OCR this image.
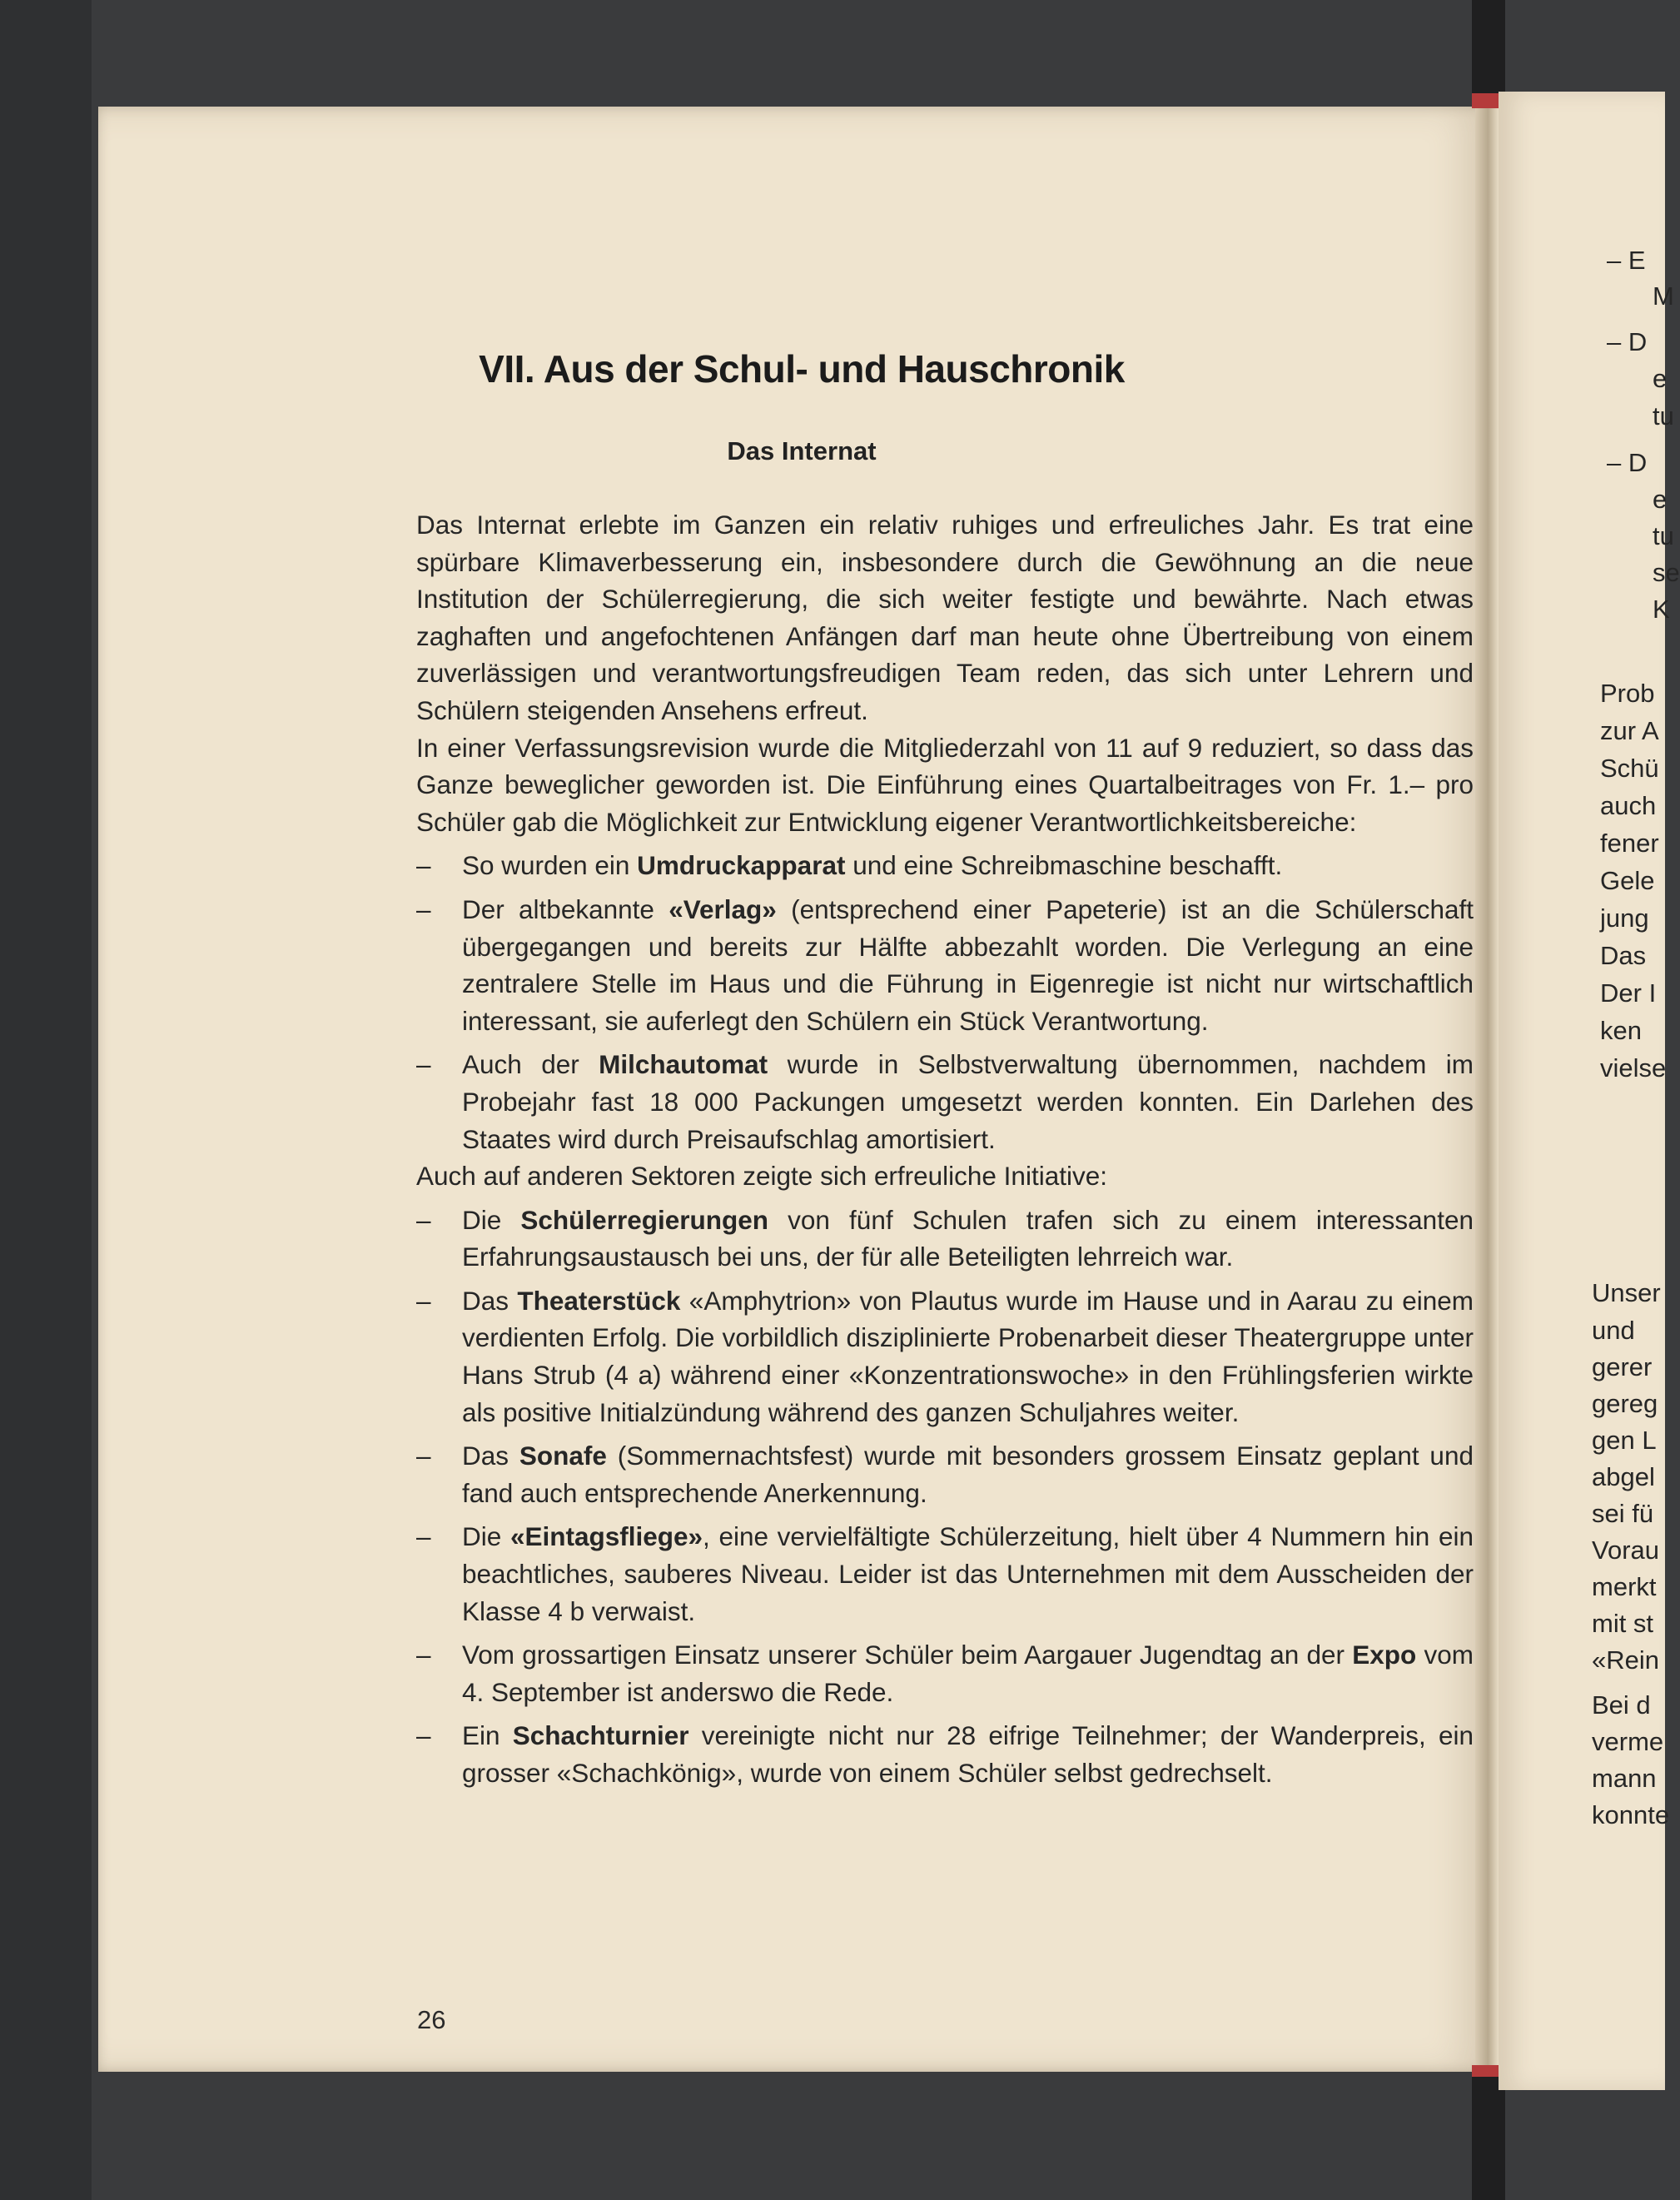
VII. Aus der Schul- und Hauschronik
Das Internat

Das Internat erlebte im Ganzen ein relativ ruhiges und erfreuliches Jahr. Es trat eine spürbare Klimaverbesserung ein, insbesondere durch die Gewöhnung an die neue Institution der Schülerregierung, die sich weiter festigte und bewährte. Nach etwas zaghaften und angefochtenen Anfängen darf man heute ohne Übertreibung von einem zuverlässigen und verantwortungsfreudigen Team reden, das sich unter Lehrern und Schülern steigenden Ansehens erfreut.

In einer Verfassungsrevision wurde die Mitgliederzahl von 11 auf 9 reduziert, so dass das Ganze beweglicher geworden ist. Die Einführung eines Quartalbeitrages von Fr. 1.– pro Schüler gab die Möglichkeit zur Entwicklung eigener Verantwortlichkeitsbereiche:

– So wurden ein Umdruckapparat und eine Schreibmaschine beschafft.
– Der altbekannte «Verlag» (entsprechend einer Papeterie) ist an die Schülerschaft übergegangen und bereits zur Hälfte abbezahlt worden. Die Verlegung an eine zentralere Stelle im Haus und die Führung in Eigenregie ist nicht nur wirtschaftlich interessant, sie auferlegt den Schülern ein Stück Verantwortung.
– Auch der Milchautomat wurde in Selbstverwaltung übernommen, nachdem im Probejahr fast 18 000 Packungen umgesetzt werden konnten. Ein Darlehen des Staates wird durch Preisaufschlag amortisiert.

Auch auf anderen Sektoren zeigte sich erfreuliche Initiative:

– Die Schülerregierungen von fünf Schulen trafen sich zu einem interessanten Erfahrungsaustausch bei uns, der für alle Beteiligten lehrreich war.
– Das Theaterstück «Amphytrion» von Plautus wurde im Hause und in Aarau zu einem verdienten Erfolg. Die vorbildlich disziplinierte Probenarbeit dieser Theatergruppe unter Hans Strub (4 a) während einer «Konzentrationswoche» in den Frühlingsferien wirkte als positive Initialzündung während des ganzen Schuljahres weiter.
– Das Sonafe (Sommernachtsfest) wurde mit besonders grossem Einsatz geplant und fand auch entsprechende Anerkennung.
– Die «Eintagsfliege», eine vervielfältigte Schülerzeitung, hielt über 4 Nummern hin ein beachtliches, sauberes Niveau. Leider ist das Unternehmen mit dem Ausscheiden der Klasse 4 b verwaist.
– Vom grossartigen Einsatz unserer Schüler beim Aargauer Jugendtag an der Expo vom 4. September ist anderswo die Rede.
– Ein Schachturnier vereinigte nicht nur 28 eifrige Teilnehmer; der Wanderpreis, ein grosser «Schachkönig», wurde von einem Schüler selbst gedrechselt.
26
– E
M
– D
e
tu
– D
e
tu
se
K
Prob
zur A
Schü
auch
fener
Gele
jung
Das
Der I
ken
vielse
Unser
und
gerer
gereg
gen L
abgel
sei fü
Vorau
merkt
mit st
«Rein
Bei d
verme
mann
konnte
